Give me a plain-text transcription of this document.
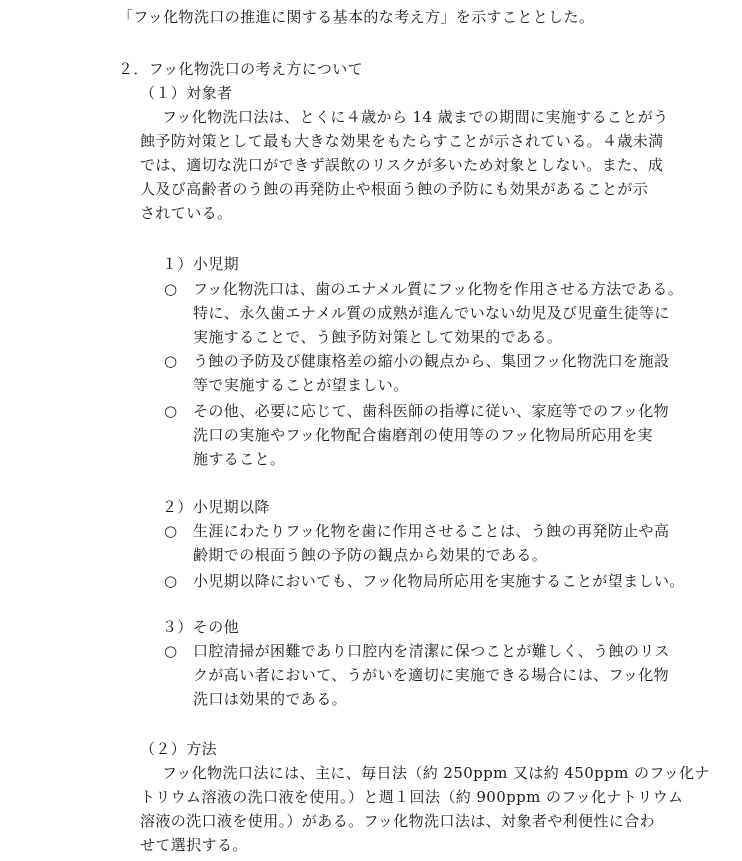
「フッ化物洗口の推進に関する基本的な考え方」を示すこととした。
２．フッ化物洗口の考え方について
（１）対象者
フッ化物洗口法は、とくに４歳から 14 歳までの期間に実施することがう
蝕予防対策として最も大きな効果をもたらすことが示されている。４歳未満
では、適切な洗口ができず誤飲のリスクが多いため対象としない。また、成
人及び高齢者のう蝕の再発防止や根面う蝕の予防にも効果があることが示
されている。
１）小児期
○ フッ化物洗口は、歯のエナメル質にフッ化物を作用させる方法である。
特に、永久歯エナメル質の成熟が進んでいない幼児及び児童生徒等に
実施することで、う蝕予防対策として効果的である。
○ う蝕の予防及び健康格差の縮小の観点から、集団フッ化物洗口を施設
等で実施することが望ましい。
○ その他、必要に応じて、歯科医師の指導に従い、家庭等でのフッ化物
洗口の実施やフッ化物配合歯磨剤の使用等のフッ化物局所応用を実
施すること。
２）小児期以降
○ 生涯にわたりフッ化物を歯に作用させることは、う蝕の再発防止や高
齢期での根面う蝕の予防の観点から効果的である。
○ 小児期以降においても、フッ化物局所応用を実施することが望ましい。
３）その他
○ 口腔清掃が困難であり口腔内を清潔に保つことが難しく、う蝕のリス
クが高い者において、うがいを適切に実施できる場合には、フッ化物
洗口は効果的である。
（２）方法
フッ化物洗口法には、主に、毎日法（約 250ppm 又は約 450ppm のフッ化ナ
トリウム溶液の洗口液を使用。）と週１回法（約 900ppm のフッ化ナトリウム
溶液の洗口液を使用。）がある。フッ化物洗口法は、対象者や利便性に合わ
せて選択する。
